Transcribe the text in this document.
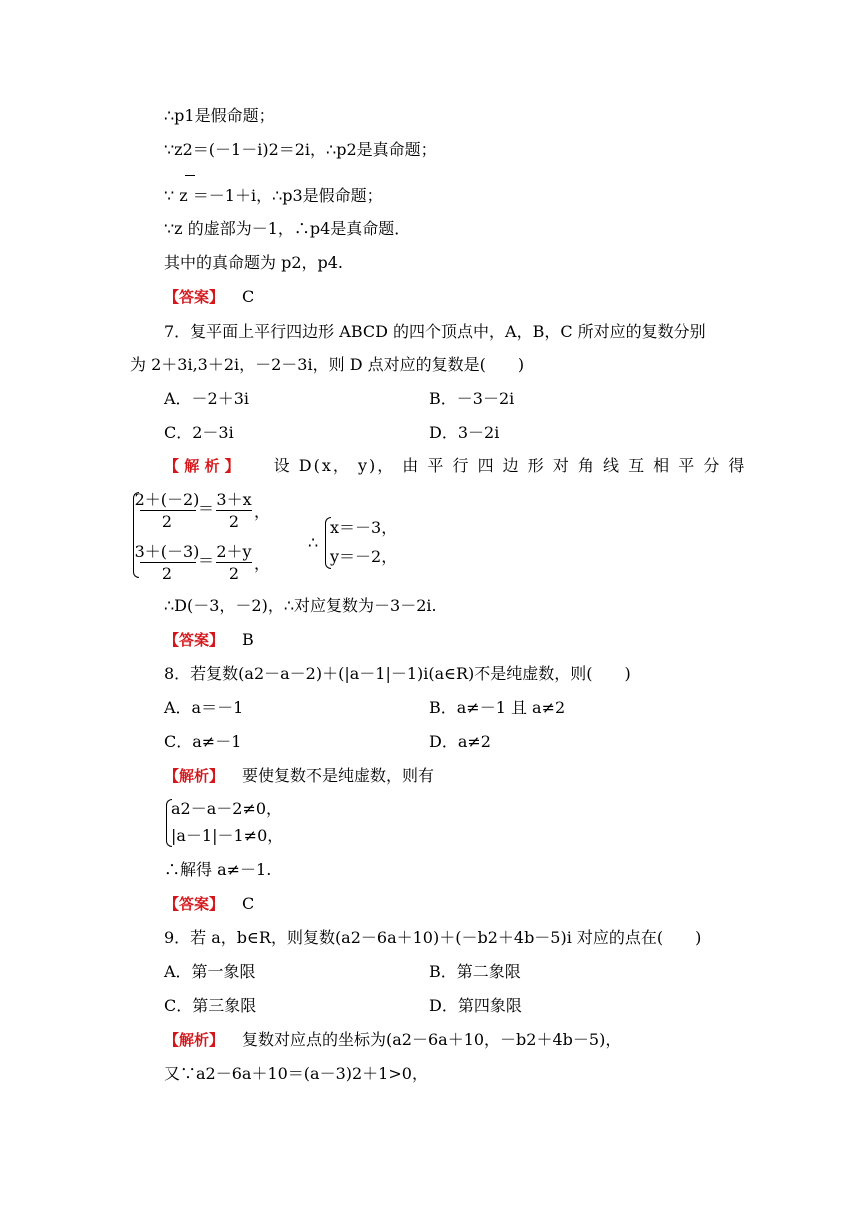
∴p1是假命题；
∵z2＝(－1－i)2＝2i，∴p2是真命题；
∵ z ＝－1＋i，∴p3是假命题；
∵z 的虚部为－1，∴p4是真命题．
其中的真命题为 p2，p4.
【答案】 C
7．复平面上平行四边形 ABCD 的四个顶点中，A，B，C 所对应的复数分别
为 2＋3i,3＋2i，－2－3i，则 D 点对应的复数是(　　)
A．－2＋3i	B．－3－2i
C．2－3i	D．3－2i
【 解 析 】 设 D(x， y)， 由 平 行 四 边 形 对 角 线 互 相 平 分 得
2＋(－2)
2
＝ 3＋x
2
，
3＋(－3)
2
＝ 2＋y
2
，
∴
x＝－3，
y＝－2，
∴D(－3，－2)，∴对应复数为－3－2i.
【答案】 B
8．若复数(a2－a－2)＋(|a－1|－1)i(a∈R)不是纯虚数，则(　　)
A．a＝－1	B．a≠－1 且 a≠2
C．a≠－1	D．a≠2
【解析】 要使复数不是纯虚数，则有
a2－a－2≠0，
|a－1|－1≠0，
∴解得 a≠－1.
【答案】 C
9．若 a，b∈R，则复数(a2－6a＋10)＋(－b2＋4b－5)i 对应的点在(　　)
A．第一象限	B．第二象限
C．第三象限	D．第四象限
【解析】 复数对应点的坐标为(a2－6a＋10，－b2＋4b－5)，
又∵a2－6a＋10＝(a－3)2＋1>0，
